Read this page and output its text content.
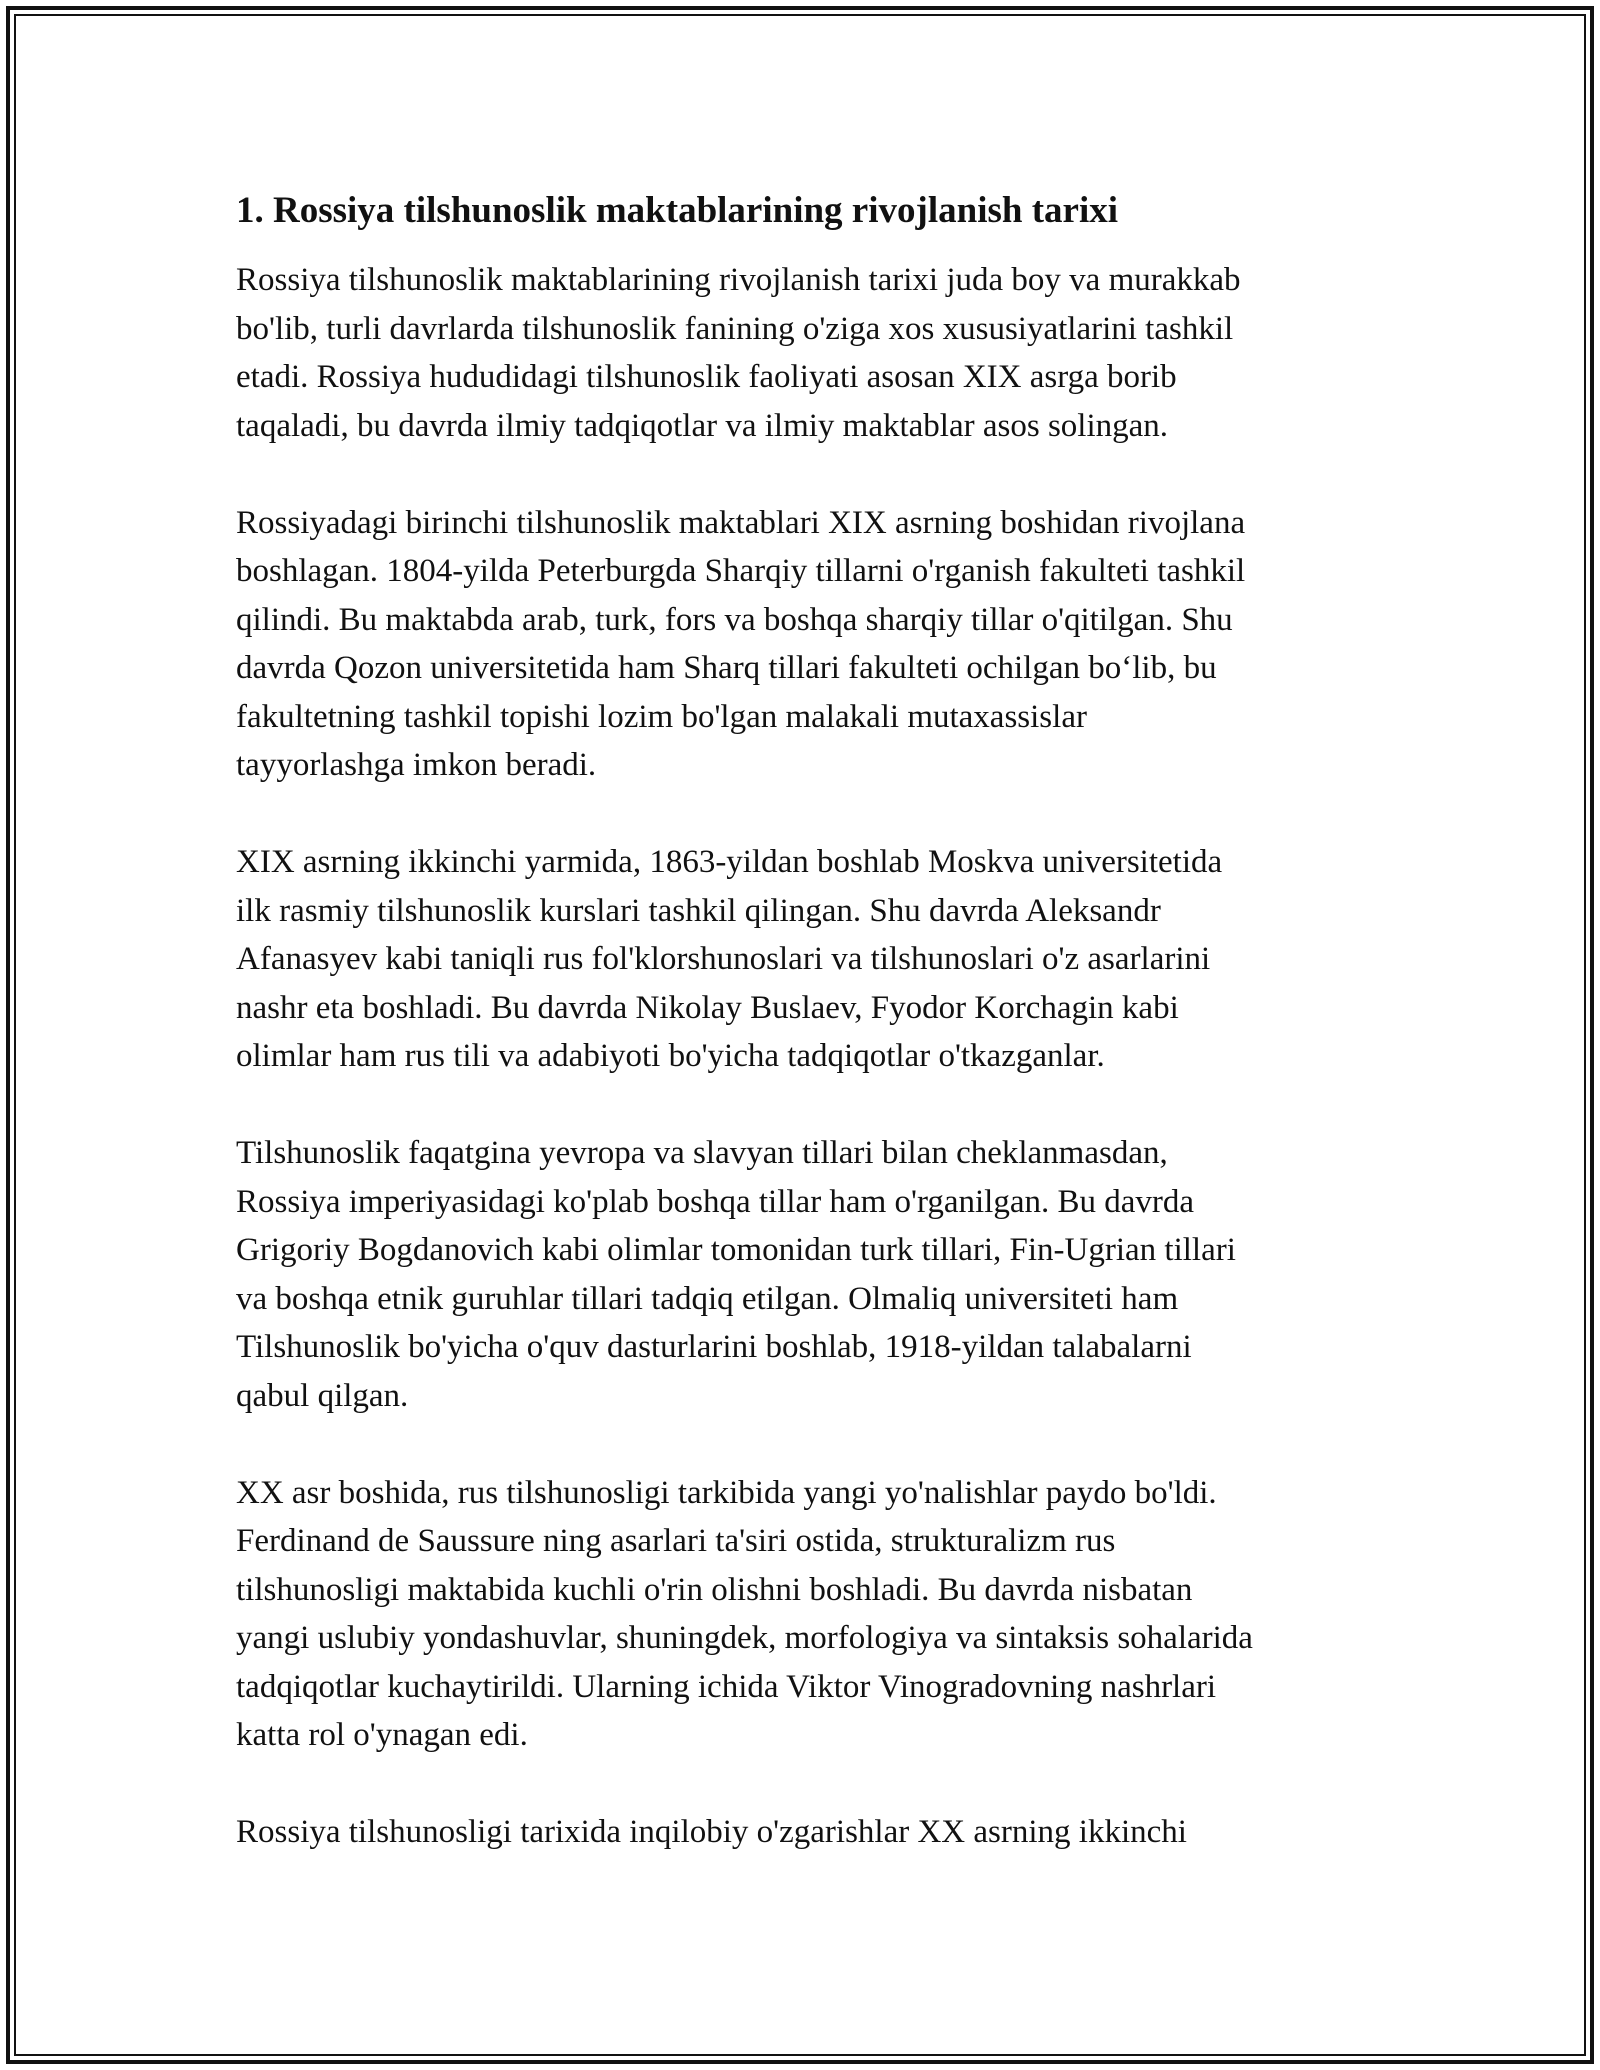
1. Rossiya tilshunoslik maktablarining rivojlanish tarixi

Rossiya tilshunoslik maktablarining rivojlanish tarixi juda boy va murakkab
bo'lib, turli davrlarda tilshunoslik fanining o'ziga xos xususiyatlarini tashkil
etadi. Rossiya hududidagi tilshunoslik faoliyati asosan XIX asrga borib
taqaladi, bu davrda ilmiy tadqiqotlar va ilmiy maktablar asos solingan.

Rossiyadagi birinchi tilshunoslik maktablari XIX asrning boshidan rivojlana
boshlagan. 1804-yilda Peterburgda Sharqiy tillarni o'rganish fakulteti tashkil
qilindi. Bu maktabda arab, turk, fors va boshqa sharqiy tillar o'qitilgan. Shu
davrda Qozon universitetida ham Sharq tillari fakulteti ochilgan bo‘lib, bu
fakultetning tashkil topishi lozim bo'lgan malakali mutaxassislar
tayyorlashga imkon beradi.

XIX asrning ikkinchi yarmida, 1863-yildan boshlab Moskva universitetida
ilk rasmiy tilshunoslik kurslari tashkil qilingan. Shu davrda Aleksandr
Afanasyev kabi taniqli rus fol'klorshunoslari va tilshunoslari o'z asarlarini
nashr eta boshladi. Bu davrda Nikolay Buslaev, Fyodor Korchagin kabi
olimlar ham rus tili va adabiyoti bo'yicha tadqiqotlar o'tkazganlar.

Tilshunoslik faqatgina yevropa va slavyan tillari bilan cheklanmasdan,
Rossiya imperiyasidagi ko'plab boshqa tillar ham o'rganilgan. Bu davrda
Grigoriy Bogdanovich kabi olimlar tomonidan turk tillari, Fin-Ugrian tillari
va boshqa etnik guruhlar tillari tadqiq etilgan. Olmaliq universiteti ham
Tilshunoslik bo'yicha o'quv dasturlarini boshlab, 1918-yildan talabalarni
qabul qilgan.

XX asr boshida, rus tilshunosligi tarkibida yangi yo'nalishlar paydo bo'ldi.
Ferdinand de Saussure ning asarlari ta'siri ostida, strukturalizm rus
tilshunosligi maktabida kuchli o'rin olishni boshladi. Bu davrda nisbatan
yangi uslubiy yondashuvlar, shuningdek, morfologiya va sintaksis sohalarida
tadqiqotlar kuchaytirildi. Ularning ichida Viktor Vinogradovning nashrlari
katta rol o'ynagan edi.

Rossiya tilshunosligi tarixida inqilobiy o'zgarishlar XX asrning ikkinchi
